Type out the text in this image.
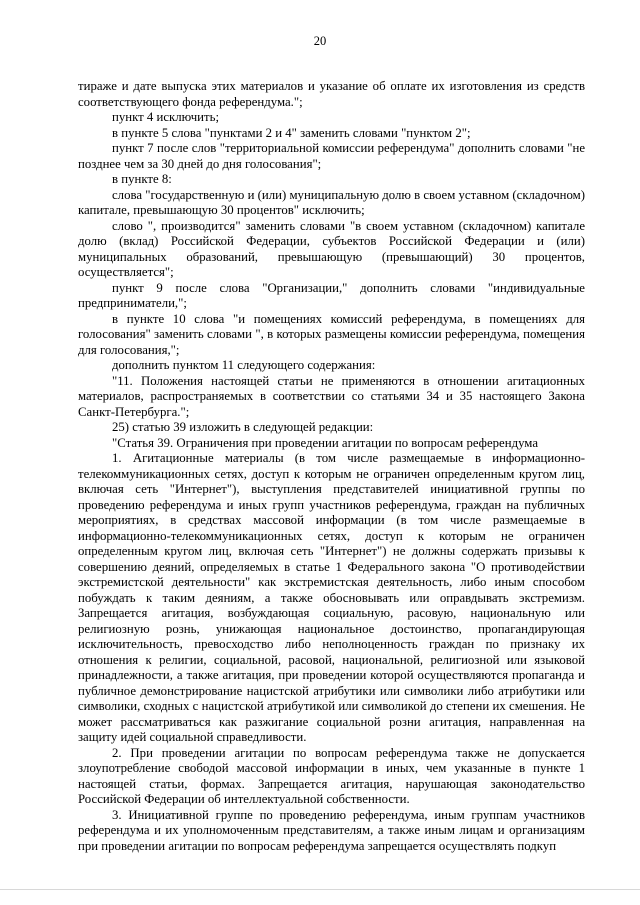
20

тираже и дате выпуска этих материалов и указание об оплате их изготовления из средств соответствующего фонда референдума.";

пункт 4 исключить;

в пункте 5 слова "пунктами 2 и 4" заменить словами "пунктом 2";

пункт 7 после слов "территориальной комиссии референдума" дополнить словами "не позднее чем за 30 дней до дня голосования";

в пункте 8:

слова "государственную и (или) муниципальную долю в своем уставном (складочном) капитале, превышающую 30 процентов" исключить;

слово ", производится" заменить словами "в своем уставном (складочном) капитале долю (вклад) Российской Федерации, субъектов Российской Федерации и (или) муниципальных образований, превышающую (превышающий) 30 процентов, осуществляется";

пункт 9 после слова "Организации," дополнить словами "индивидуальные предприниматели,";

в пункте 10 слова "и помещениях комиссий референдума, в помещениях для голосования" заменить словами ", в которых размещены комиссии референдума, помещения для голосования,";

дополнить пунктом 11 следующего содержания:

"11. Положения настоящей статьи не применяются в отношении агитационных материалов, распространяемых в соответствии со статьями 34 и 35 настоящего Закона Санкт-Петербурга.";

25) статью 39 изложить в следующей редакции:

"Статья 39. Ограничения при проведении агитации по вопросам референдума

1. Агитационные материалы (в том числе размещаемые в информационно-телекоммуникационных сетях, доступ к которым не ограничен определенным кругом лиц, включая сеть "Интернет"), выступления представителей инициативной группы по проведению референдума и иных групп участников референдума, граждан на публичных мероприятиях, в средствах массовой информации (в том числе размещаемые в информационно-телекоммуникационных сетях, доступ к которым не ограничен определенным кругом лиц, включая сеть "Интернет") не должны содержать призывы к совершению деяний, определяемых в статье 1 Федерального закона "О противодействии экстремистской деятельности" как экстремистская деятельность, либо иным способом побуждать к таким деяниям, а также обосновывать или оправдывать экстремизм. Запрещается агитация, возбуждающая социальную, расовую, национальную или религиозную рознь, унижающая национальное достоинство, пропагандирующая исключительность, превосходство либо неполноценность граждан по признаку их отношения к религии, социальной, расовой, национальной, религиозной или языковой принадлежности, а также агитация, при проведении которой осуществляются пропаганда и публичное демонстрирование нацистской атрибутики или символики либо атрибутики или символики, сходных с нацистской атрибутикой или символикой до степени их смешения. Не может рассматриваться как разжигание социальной розни агитация, направленная на защиту идей социальной справедливости.

2. При проведении агитации по вопросам референдума также не допускается злоупотребление свободой массовой информации в иных, чем указанные в пункте 1 настоящей статьи, формах. Запрещается агитация, нарушающая законодательство Российской Федерации об интеллектуальной собственности.

3. Инициативной группе по проведению референдума, иным группам участников референдума и их уполномоченным представителям, а также иным лицам и организациям при проведении агитации по вопросам референдума запрещается осуществлять подкуп
